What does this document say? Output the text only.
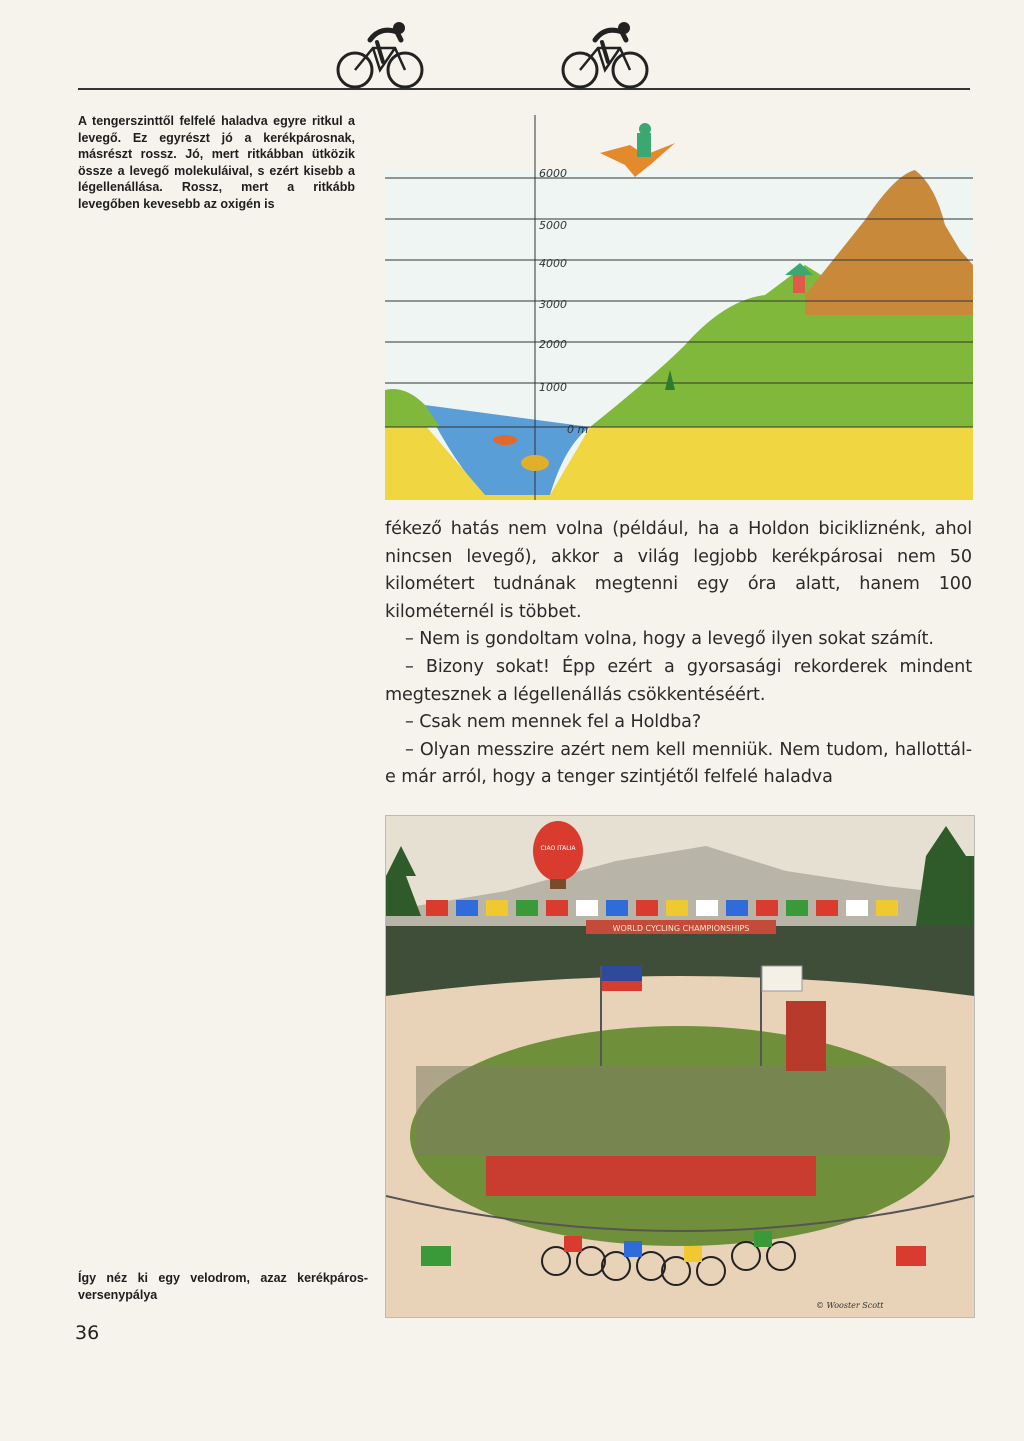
A tengerszinttől felfelé haladva egyre ritkul a levegő. Ez egyrészt jó a kerékpárosnak, másrészt rossz. Jó, mert ritkábban ütközik össze a levegő molekuláival, s ezért kisebb a légellenállása. Rossz, mert a ritkább levegőben kevesebb az oxigén is
6000
5000
4000
3000
2000
1000
0 m

fékező hatás nem volna (például, ha a Holdon bicikliznénk, ahol nincsen levegő), akkor a világ legjobb kerékpárosai nem 50 kilométert tudnának megtenni egy óra alatt, hanem 100 kilométernél is többet.

– Nem is gondoltam volna, hogy a levegő ilyen sokat számít.

– Bizony sokat! Épp ezért a gyorsasági rekorderek mindent megtesznek a légellenállás csökkentéséért.

– Csak nem mennek fel a Holdba?

– Olyan messzire azért nem kell menniük. Nem tudom, hallottál-e már arról, hogy a tenger szintjétől felfelé haladva

WORLD CYCLING CHAMPIONSHIPS
CIAO ITALIA
© Wooster Scott
Így néz ki egy velodrom, azaz kerékpáros-versenypálya
36
